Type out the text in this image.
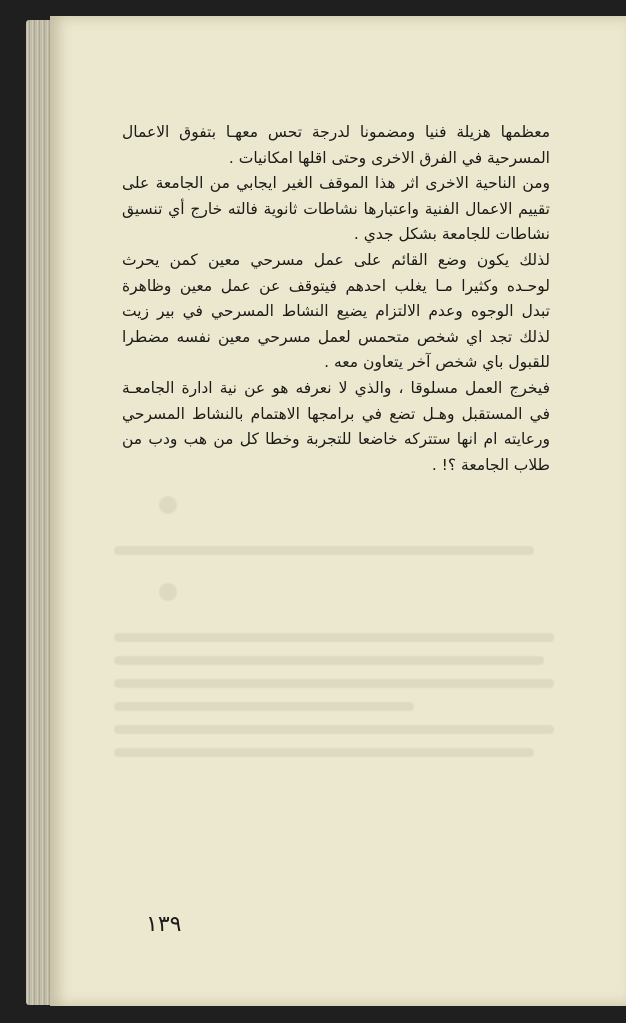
معظمها هزيلة فنيا ومضمونا لدرجة تحس معهـا بتفوق الاعمال المسرحية في الفرق الاخرى وحتى اقلها امكانيات .

ومن الناحية الاخرى اثر هذا الموقف الغير ايجابي من الجامعة على تقييم الاعمال الفنية واعتبارها نشاطات ثانوية فالته خارج أي تنسيق نشاطات للجامعة بشكل جدي .

لذلك يكون وضع القائم على عمل مسرحي معين كمن يحرث لوحـده وكثيرا مـا يغلب احدهم فيتوقف عن عمل معين وظاهرة تبدل الوجوه وعدم الالتزام يضيع النشاط المسرحي في بير زيت لذلك تجد اي شخص متحمس لعمل مسرحي معين نفسه مضطرا للقبول باي شخص آخر يتعاون معه .

فيخرج العمل مسلوقا ، والذي لا نعرفه هو عن نية ادارة الجامعـة في المستقبل وهـل تضع في برامجها الاهتمام بالنشاط المسرحي ورعايته ام انها ستتركه خاضعا للتجربة وخطا كل من هب ودب من طلاب الجامعة ؟! .

١٣٩
